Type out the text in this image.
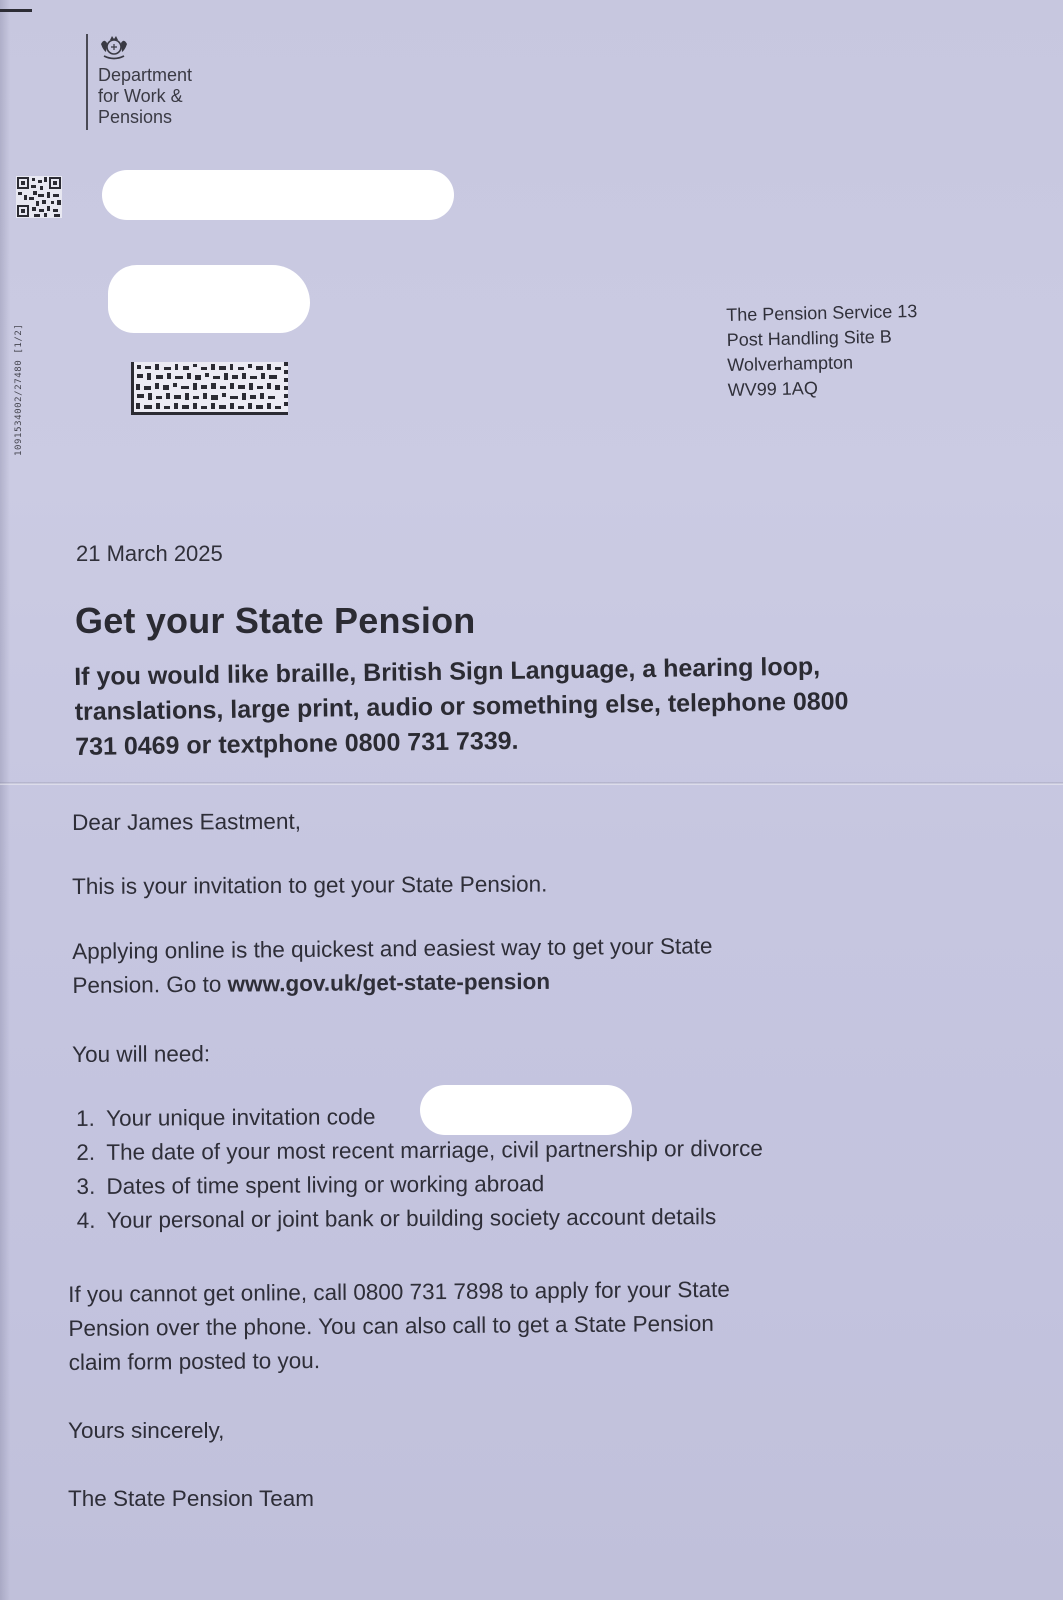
Department
for Work &
Pensions
1091534002/27480 [1/2]
The Pension Service 13
Post Handling Site B
Wolverhampton
WV99 1AQ
21 March 2025
Get your State Pension
If you would like braille, British Sign Language, a hearing loop, translations, large print, audio or something else, telephone 0800 731 0469 or textphone 0800 731 7339.
Dear James Eastment,
This is your invitation to get your State Pension.
Applying online is the quickest and easiest way to get your State
Pension. Go to www.gov.uk/get-state-pension
You will need:
1. Your unique invitation code
2. The date of your most recent marriage, civil partnership or divorce
3. Dates of time spent living or working abroad
4. Your personal or joint bank or building society account details
If you cannot get online, call 0800 731 7898 to apply for your State
Pension over the phone. You can also call to get a State Pension
claim form posted to you.
Yours sincerely,
The State Pension Team
